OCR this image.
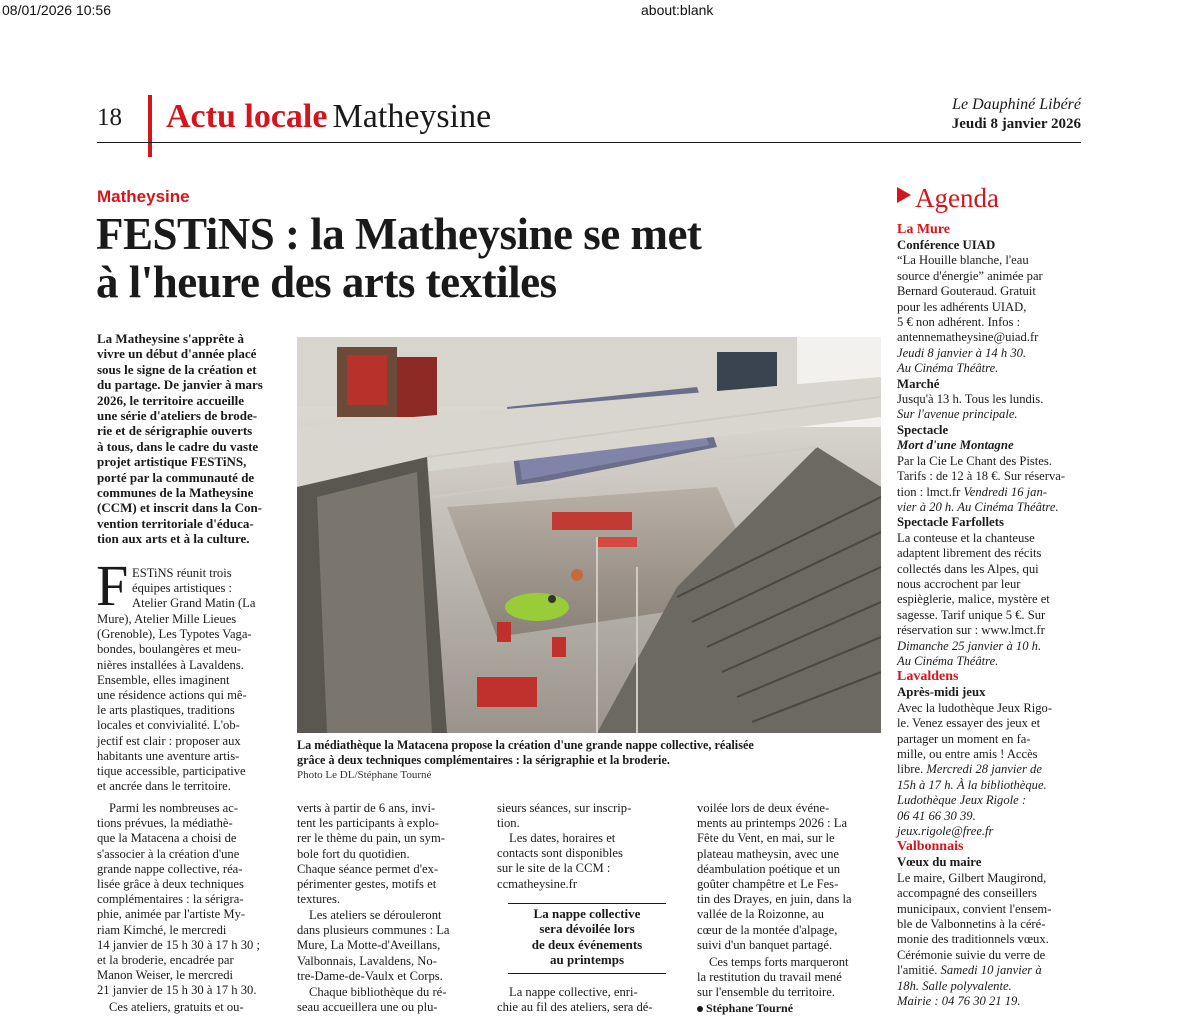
08/01/2026 10:56	about:blank
18 Actu locale Matheysine	Le Dauphiné Libéré
Jeudi 8 janvier 2026
Matheysine
FESTiNS : la Matheysine se met
à l'heure des arts textiles
La Matheysine s'apprête à
vivre un début d'année placé
sous le signe de la création et
du partage. De janvier à mars
2026, le territoire accueille
une série d'ateliers de brode-
rie et de sérigraphie ouverts
à tous, dans le cadre du vaste
projet artistique FESTiNS,
porté par la communauté de
communes de la Matheysine
(CCM) et inscrit dans la Con-
vention territoriale d'éduca-
tion aux arts et à la culture.
La médiathèque la Matacena propose la création d'une grande nappe collective, réalisée
grâce à deux techniques complémentaires : la sérigraphie et la broderie.
Photo Le DL/Stéphane Tourné
F ESTiNS réunit trois
équipes artistiques :
Atelier Grand Matin (La
Mure), Atelier Mille Lieues
(Grenoble), Les Typotes Vaga-
bondes, boulangères et meu-
nières installées à Lavaldens.
Ensemble, elles imaginent
une résidence actions qui mê-
le arts plastiques, traditions
locales et convivialité. L'ob-
jectif est clair : proposer aux
habitants une aventure artis-
tique accessible, participative
et ancrée dans le territoire.
Parmi les nombreuses ac-
tions prévues, la médiathè-
que la Matacena a choisi de
s'associer à la création d'une
grande nappe collective, réa-
lisée grâce à deux techniques
complémentaires : la sérigra-
phie, animée par l'artiste My-
riam Kimché, le mercredi
14 janvier de 15 h 30 à 17 h 30 ;
et la broderie, encadrée par
Manon Weiser, le mercredi
21 janvier de 15 h 30 à 17 h 30.

Ces ateliers, gratuits et ou-

verts à partir de 6 ans, invi-
tent les participants à explo-
rer le thème du pain, un sym-
bole fort du quotidien.
Chaque séance permet d'ex-
périmenter gestes, motifs et
textures.
Les ateliers se dérouleront
dans plusieurs communes : La
Mure, La Motte-d'Aveillans,
Valbonnais, Lavaldens, No-
tre-Dame-de-Vaulx et Corps.
Chaque bibliothèque du ré-
seau accueillera une ou plu-
sieurs séances, sur inscrip-
tion.
Les dates, horaires et
contacts sont disponibles
sur le site de la CCM :
ccmatheysine.fr
La nappe collective
sera dévoilée lors
de deux événements
au printemps
La nappe collective, enri-
chie au fil des ateliers, sera dé-
voilée lors de deux événe-
ments au printemps 2026 : La
Fête du Vent, en mai, sur le
plateau matheysin, avec une
déambulation poétique et un
goûter champêtre et Le Fes-
tin des Drayes, en juin, dans la
vallée de la Roizonne, au
cœur de la montée d'alpage,
suivi d'un banquet partagé.
Ces temps forts marqueront
la restitution du travail mené
sur l'ensemble du territoire.
Stéphane Tourné
Agenda
La Mure
Conférence UIAD
“La Houille blanche, l'eau
source d'énergie” animée par
Bernard Gouteraud. Gratuit
pour les adhérents UIAD,
5 € non adhérent. Infos :
antennematheysine@uiad.fr
Jeudi 8 janvier à 14 h 30.
Au Cinéma Théâtre.
Marché
Jusqu'à 13 h. Tous les lundis.
Sur l'avenue principale.
Spectacle
Mort d'une Montagne
Par la Cie Le Chant des Pistes.
Tarifs : de 12 à 18 €. Sur réserva-
tion : lmct.fr Vendredi 16 jan-
vier à 20 h. Au Cinéma Théâtre.
Spectacle Farfollets
La conteuse et la chanteuse
adaptent librement des récits
collectés dans les Alpes, qui
nous accrochent par leur
espièglerie, malice, mystère et
sagesse. Tarif unique 5 €. Sur
réservation sur : www.lmct.fr
Dimanche 25 janvier à 10 h.
Au Cinéma Théâtre.
Lavaldens
Après-midi jeux
Avec la ludothèque Jeux Rigo-
le. Venez essayer des jeux et
partager un moment en fa-
mille, ou entre amis ! Accès
libre. Mercredi 28 janvier de
15h à 17 h. À la bibliothèque.
Ludothèque Jeux Rigole :
06 41 66 30 39.
jeux.rigole@free.fr
Valbonnais
Vœux du maire
Le maire, Gilbert Maugirond,
accompagné des conseillers
municipaux, convient l'ensem-
ble de Valbonnetins à la céré-
monie des traditionnels vœux.
Cérémonie suivie du verre de
l'amitié. Samedi 10 janvier à
18h. Salle polyvalente.
Mairie : 04 76 30 21 19.
